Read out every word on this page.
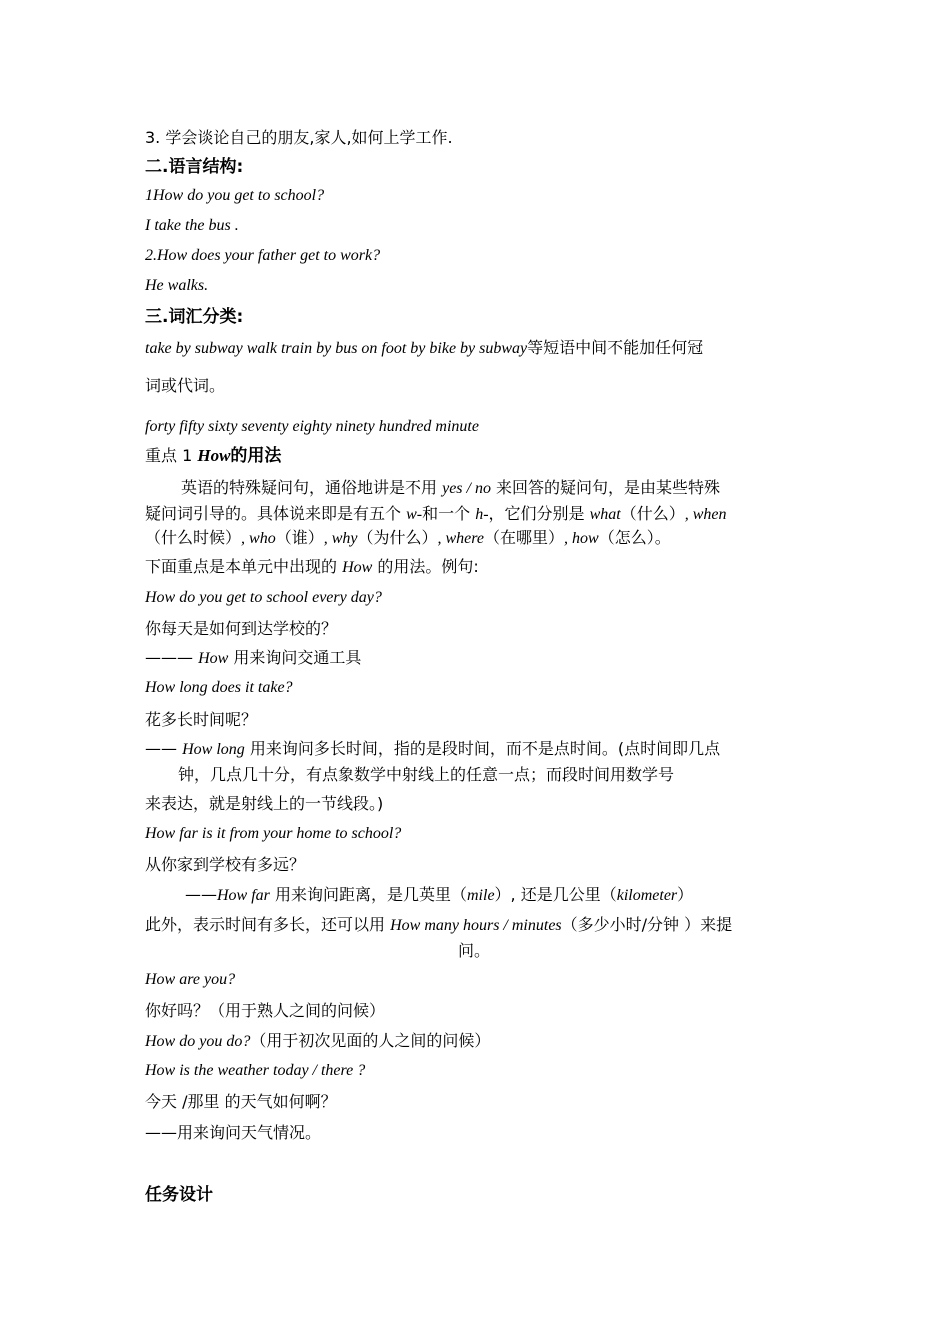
3. 学会谈论自己的朋友,家人,如何上学工作.
二.语言结构:
1How do you get to school?
I take the bus .
2.How does your father get to work?
He walks.
三.词汇分类:
take by subway walk train by bus on foot by bike by subway等短语中间不能加任何冠
词或代词。
forty fifty sixty seventy eighty ninety hundred minute
重点 1 How的用法
英语的特殊疑问句，通俗地讲是不用 yes / no 来回答的疑问句，是由某些特殊
疑问词引导的。具体说来即是有五个 w-和一个 h-，它们分别是 what（什么）, when
（什么时候）, who（谁）, why（为什么）, where（在哪里）, how（怎么）。
下面重点是本单元中出现的 How 的用法。例句:
How do you get to school every day?
你每天是如何到达学校的？
——— How 用来询问交通工具
How long does it take?
花多长时间呢？
—— How long 用来询问多长时间，指的是段时间，而不是点时间。(点时间即几点
钟，几点几十分，有点象数学中射线上的任意一点；而段时间用数学号
来表达，就是射线上的一节线段。)
How far is it from your home to school?
从你家到学校有多远？
——How far 用来询问距离，是几英里（mile）, 还是几公里（kilometer）
此外，表示时间有多长，还可以用 How many hours / minutes（多少小时/分钟 ）来提
问。
How are you?
你好吗？（用于熟人之间的问候）
How do you do?（用于初次见面的人之间的问候）
How is the weather today / there ?
今天 /那里 的天气如何啊？
——用来询问天气情况。
任务设计
